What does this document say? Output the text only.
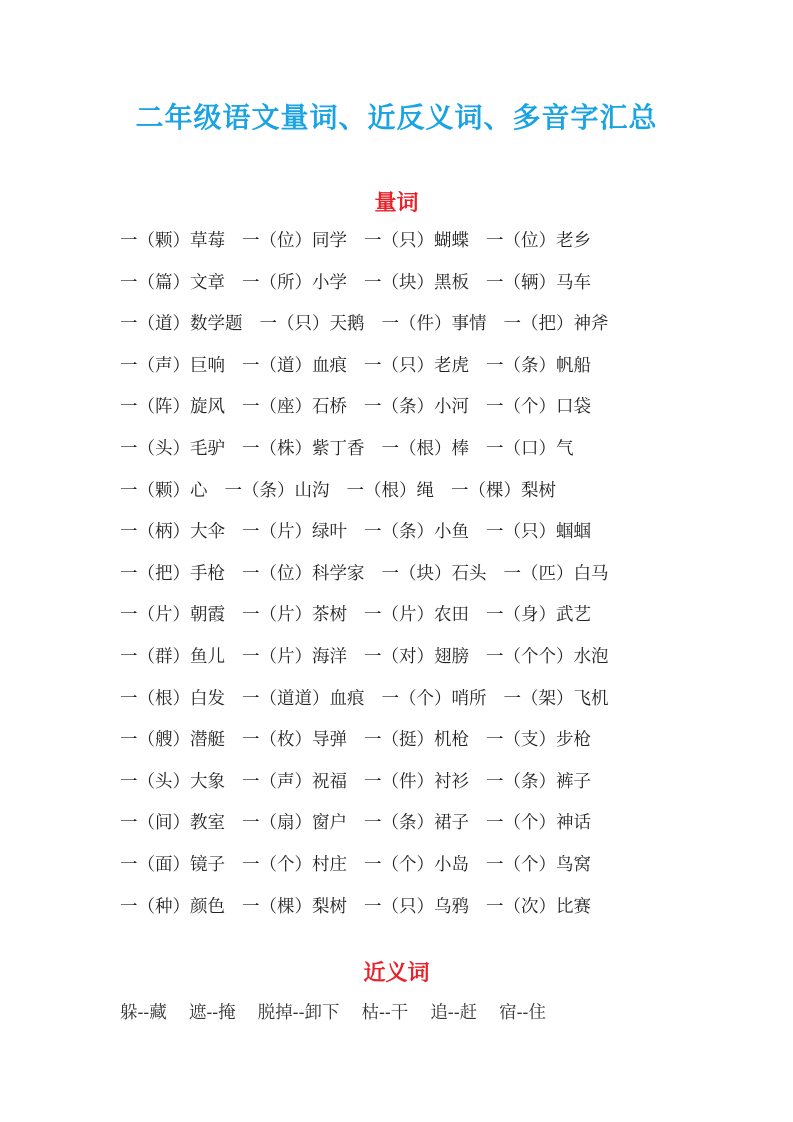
二年级语文量词、近反义词、多音字汇总
量词
一（颗）草莓 一（位）同学 一（只）蝴蝶 一（位）老乡
一（篇）文章 一（所）小学 一（块）黑板 一（辆）马车
一（道）数学题 一（只）天鹅 一（件）事情 一（把）神斧
一（声）巨响 一（道）血痕 一（只）老虎 一（条）帆船
一（阵）旋风 一（座）石桥 一（条）小河 一（个）口袋
一（头）毛驴 一（株）紫丁香 一（根）棒 一（口）气
一（颗）心 一（条）山沟 一（根）绳 一（棵）梨树
一（柄）大伞 一（片）绿叶 一（条）小鱼 一（只）蝈蝈
一（把）手枪 一（位）科学家 一（块）石头 一（匹）白马
一（片）朝霞 一（片）茶树 一（片）农田 一（身）武艺
一（群）鱼儿 一（片）海洋 一（对）翅膀 一（个个）水泡
一（根）白发 一（道道）血痕 一（个）哨所 一（架）飞机
一（艘）潜艇 一（枚）导弹 一（挺）机枪 一（支）步枪
一（头）大象 一（声）祝福 一（件）衬衫 一（条）裤子
一（间）教室 一（扇）窗户 一（条）裙子 一（个）神话
一（面）镜子 一（个）村庄 一（个）小岛 一（个）鸟窝
一（种）颜色 一（棵）梨树 一（只）乌鸦 一（次）比赛
近义词
躲--藏 遮--掩 脱掉--卸下 枯--干 追--赶 宿--住
